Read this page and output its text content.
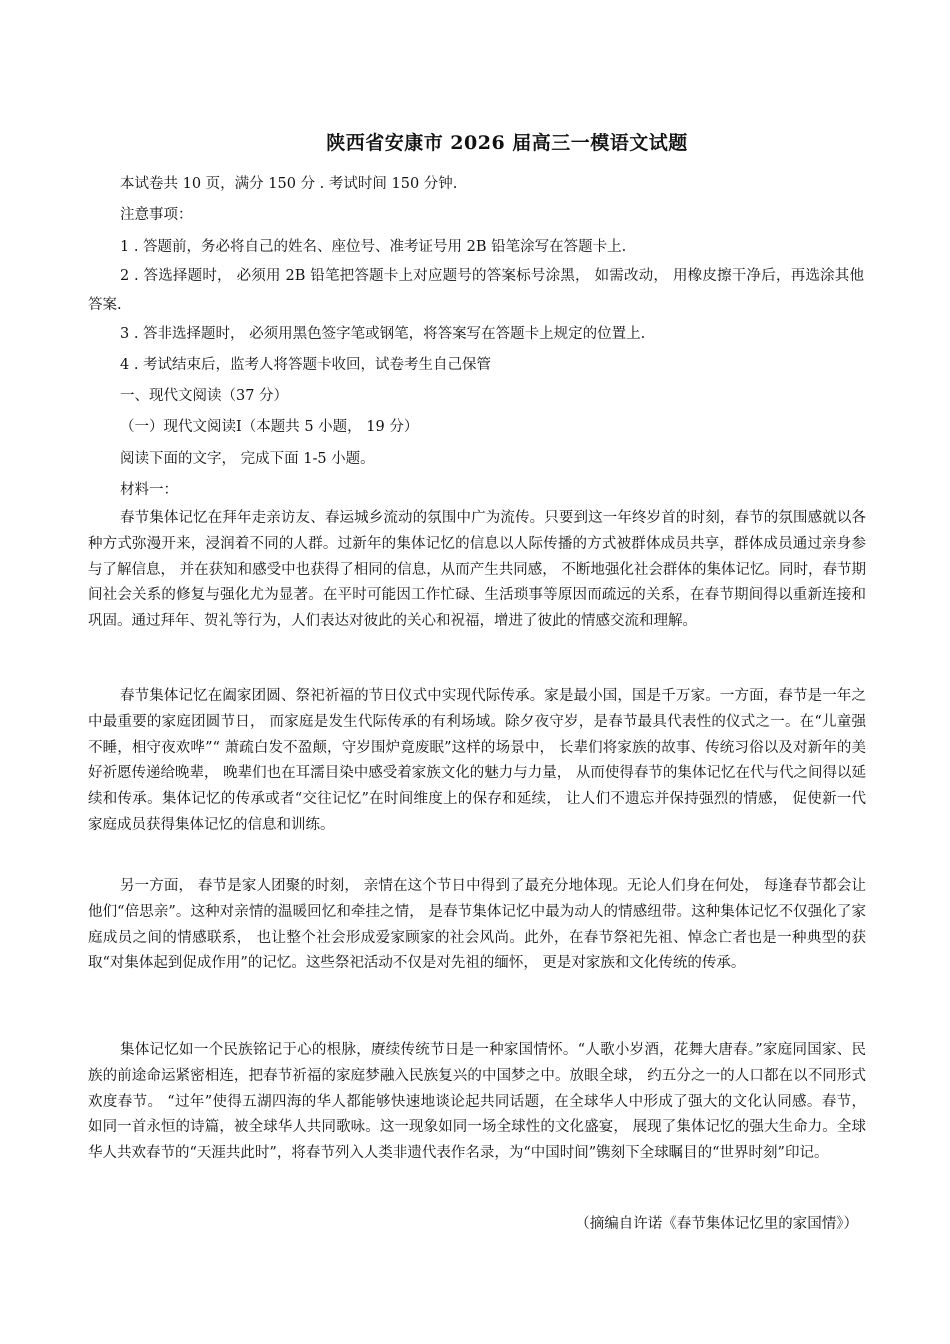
陕西省安康市 2026 届高三一模语文试题
本试卷共 10 页，满分 150 分 . 考试时间 150 分钟.
注意事项：
1 . 答题前，务必将自己的姓名、座位号、准考证号用 2B 铅笔涂写在答题卡上.
2 . 答选择题时， 必须用 2B 铅笔把答题卡上对应题号的答案标号涂黑， 如需改动， 用橡皮擦干净后，再选涂其他答案.
3 . 答非选择题时， 必须用黑色签字笔或钢笔，将答案写在答题卡上规定的位置上.
4 . 考试结束后，监考人将答题卡收回，试卷考生自己保管
一、现代文阅读（37 分）
（一）现代文阅读I（本题共 5 小题， 19 分）
阅读下面的文字， 完成下面 1-5 小题。
材料一：
春节集体记忆在拜年走亲访友、春运城乡流动的氛围中广为流传。只要到这一年终岁首的时刻，春节的氛围感就以各种方式弥漫开来，浸润着不同的人群。过新年的集体记忆的信息以人际传播的方式被群体成员共享，群体成员通过亲身参与了解信息， 并在获知和感受中也获得了相同的信息，从而产生共同感， 不断地强化社会群体的集体记忆。同时，春节期间社会关系的修复与强化尤为显著。在平时可能因工作忙碌、生活琐事等原因而疏远的关系，在春节期间得以重新连接和巩固。通过拜年、贺礼等行为，人们表达对彼此的关心和祝福，增进了彼此的情感交流和理解。
春节集体记忆在阖家团圆、祭祀祈福的节日仪式中实现代际传承。家是最小国，国是千万家。一方面，春节是一年之中最重要的家庭团圆节日， 而家庭是发生代际传承的有利场域。除夕夜守岁，是春节最具代表性的仪式之一。在“儿童强不睡，相守夜欢哗”“ 萧疏白发不盈颠，守岁围炉竟废眠”这样的场景中， 长辈们将家族的故事、传统习俗以及对新年的美好祈愿传递给晚辈， 晚辈们也在耳濡目染中感受着家族文化的魅力与力量， 从而使得春节的集体记忆在代与代之间得以延续和传承。集体记忆的传承或者“交往记忆”在时间维度上的保存和延续， 让人们不遗忘并保持强烈的情感， 促使新一代家庭成员获得集体记忆的信息和训练。
另一方面， 春节是家人团聚的时刻， 亲情在这个节日中得到了最充分地体现。无论人们身在何处， 每逢春节都会让他们“倍思亲”。这种对亲情的温暖回忆和牵挂之情， 是春节集体记忆中最为动人的情感纽带。这种集体记忆不仅强化了家庭成员之间的情感联系， 也让整个社会形成爱家顾家的社会风尚。此外，在春节祭祀先祖、悼念亡者也是一种典型的获取“对集体起到促成作用”的记忆。这些祭祀活动不仅是对先祖的缅怀， 更是对家族和文化传统的传承。
集体记忆如一个民族铭记于心的根脉，赓续传统节日是一种家国情怀。“人歌小岁酒，花舞大唐春。”家庭同国家、民族的前途命运紧密相连，把春节祈福的家庭梦融入民族复兴的中国梦之中。放眼全球， 约五分之一的人口都在以不同形式欢度春节。 “过年”使得五湖四海的华人都能够快速地谈论起共同话题，在全球华人中形成了强大的文化认同感。春节， 如同一首永恒的诗篇，被全球华人共同歌咏。这一现象如同一场全球性的文化盛宴， 展现了集体记忆的强大生命力。全球华人共欢春节的“天涯共此时”，将春节列入人类非遗代表作名录，为“中国时间”镌刻下全球瞩目的“世界时刻”印记。
（摘编自许诺《春节集体记忆里的家国情》）
